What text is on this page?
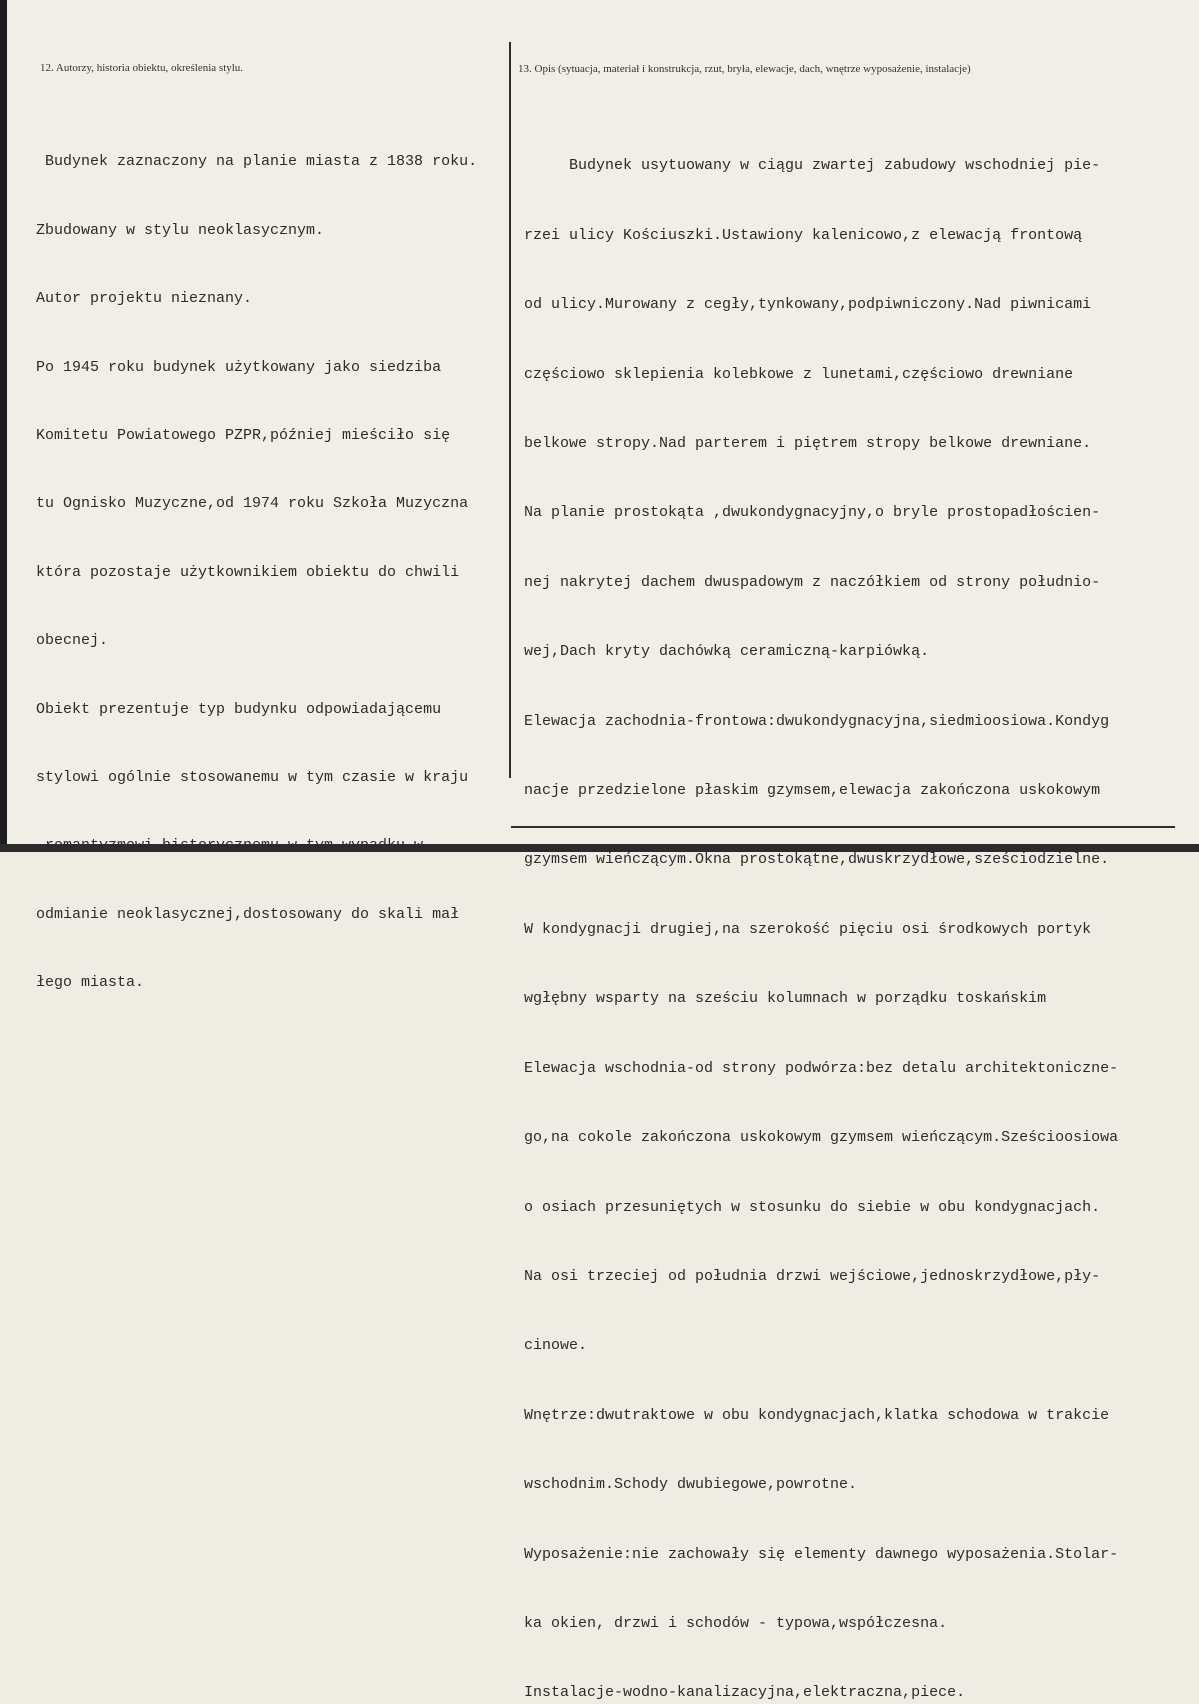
12. Autorzy, historia obiektu, określenia stylu.	13. Opis (sytuacja, materiał i konstrukcja, rzut, bryła, elewacje, dach, wnętrze wyposażenie, instalacje)

Budynek zaznaczony na planie miasta z 1838 roku.

Zbudowany w stylu neoklasycznym.

Autor projektu nieznany.

Po 1945 roku budynek użytkowany jako siedziba

Komitetu Powiatowego PZPR,później mieściło się

tu Ognisko Muzyczne,od 1974 roku Szkoła Muzyczna

która pozostaje użytkownikiem obiektu do chwili

obecnej.

Obiekt prezentuje typ budynku odpowiadającemu

stylowi ogólnie stosowanemu w tym czasie w kraju

-romantyzmowi historycznemu,w tym wypadku w

odmianie neoklasycznej,dostosowany do skali mał

łego miasta.

Budynek usytuowany w ciągu zwartej zabudowy wschodniej pie-

rzei ulicy Kościuszki.Ustawiony kalenicowo,z elewacją frontową

od ulicy.Murowany z cegły,tynkowany,podpiwniczony.Nad piwnicami

częściowo sklepienia kolebkowe z lunetami,częściowo drewniane

belkowe stropy.Nad parterem i piętrem stropy belkowe drewniane.

Na planie prostokąta ,dwukondygnacyjny,o bryle prostopadłościen-

nej nakrytej dachem dwuspadowym z naczółkiem od strony południo-

wej,Dach kryty dachówką ceramiczną-karpiówką.

Elewacja zachodnia-frontowa:dwukondygnacyjna,siedmioosiowa.Kondyg

nacje przedzielone płaskim gzymsem,elewacja zakończona uskokowym

gzymsem wieńczącym.Okna prostokątne,dwuskrzydłowe,sześciodzielne.

W kondygnacji drugiej,na szerokość pięciu osi środkowych portyk

wgłębny wsparty na sześciu kolumnach w porządku toskańskim

Elewacja wschodnia-od strony podwórza:bez detalu architektoniczne-

go,na cokole zakończona uskokowym gzymsem wieńczącym.Sześcioosiowa

o osiach przesuniętych w stosunku do siebie w obu kondygnacjach.

Na osi trzeciej od południa drzwi wejściowe,jednoskrzydłowe,pły-

cinowe.

Wnętrze:dwutraktowe w obu kondygnacjach,klatka schodowa w trakcie

wschodnim.Schody dwubiegowe,powrotne.

Wyposażenie:nie zachowały się elementy dawnego wyposażenia.Stolar-

ka okien, drzwi i schodów - typowa,współczesna.

Instalacje-wodno-kanalizacyjna,elektraczna,piece.
